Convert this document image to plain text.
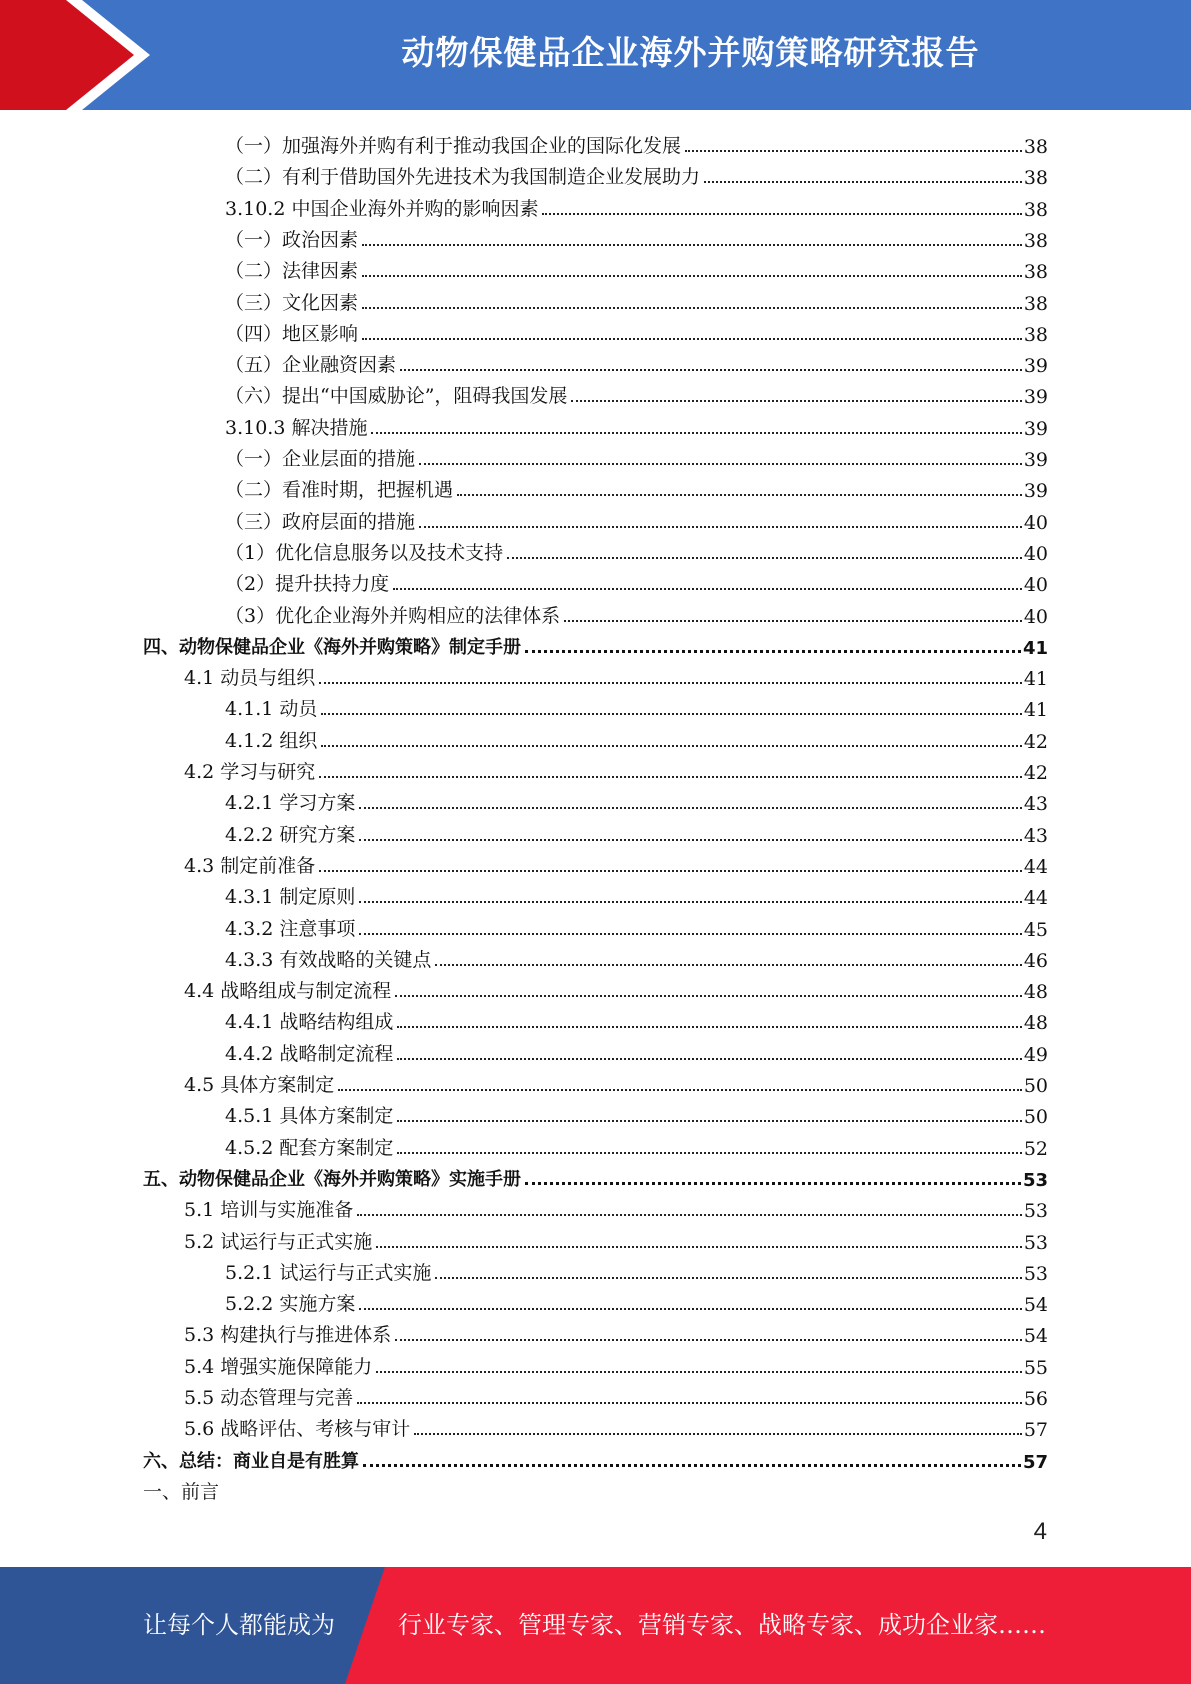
动物保健品企业海外并购策略研究报告
（一）加强海外并购有利于推动我国企业的国际化发展	38
（二）有利于借助国外先进技术为我国制造企业发展助力	38
3.10.2 中国企业海外并购的影响因素	38
（一）政治因素	38
（二）法律因素	38
（三）文化因素	38
（四）地区影响	38
（五）企业融资因素	39
（六）提出“中国威胁论”，阻碍我国发展	39
3.10.3 解决措施	39
（一）企业层面的措施	39
（二）看准时期，把握机遇	39
（三）政府层面的措施	40
（1）优化信息服务以及技术支持	40
（2）提升扶持力度	40
（3）优化企业海外并购相应的法律体系	40
四、动物保健品企业《海外并购策略》制定手册	41
4.1 动员与组织	41
4.1.1 动员	41
4.1.2 组织	42
4.2 学习与研究	42
4.2.1 学习方案	43
4.2.2 研究方案	43
4.3 制定前准备	44
4.3.1 制定原则	44
4.3.2 注意事项	45
4.3.3 有效战略的关键点	46
4.4 战略组成与制定流程	48
4.4.1 战略结构组成	48
4.4.2 战略制定流程	49
4.5 具体方案制定	50
4.5.1 具体方案制定	50
4.5.2 配套方案制定	52
五、动物保健品企业《海外并购策略》实施手册	53
5.1 培训与实施准备	53
5.2 试运行与正式实施	53
5.2.1 试运行与正式实施	53
5.2.2 实施方案	54
5.3 构建执行与推进体系	54
5.4 增强实施保障能力	55
5.5 动态管理与完善	56
5.6 战略评估、考核与审计	57
六、总结：商业自是有胜算	57
一、前言
4
让每个人都能成为	行业专家、管理专家、营销专家、战略专家、成功企业家……
